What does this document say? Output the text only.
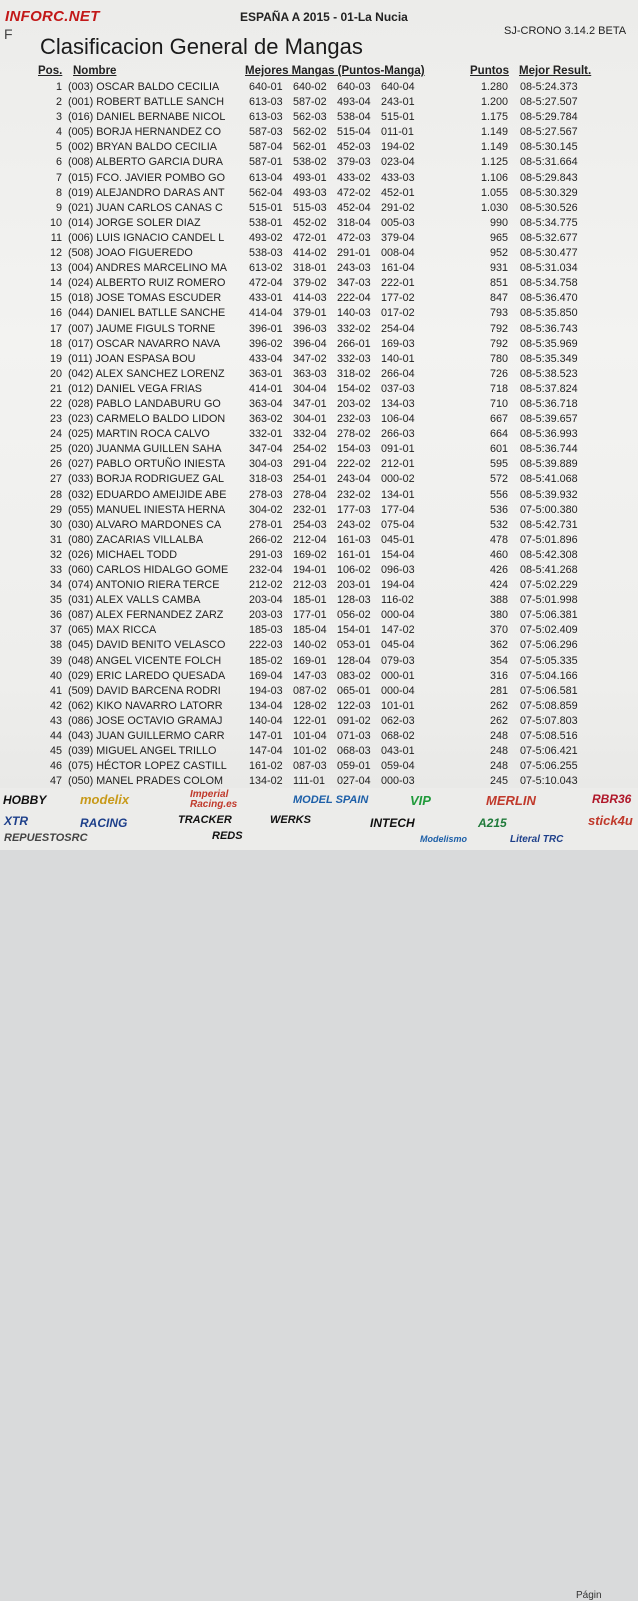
INFORC.NET
F
ESPAÑA A 2015 - 01-La Nucia
SJ-CRONO 3.14.2 BETA
Clasificacion General de Mangas
Pos. Nombre	Mejores Mangas (Puntos-Manga)	Puntos Mejor Result.
1 (003) OSCAR BALDO CECILIA	640-01 640-02 640-03 640-04	1.280 08-5:24.373
2 (001) ROBERT BATLLE SANCH 613-03 587-02 493-04 243-01	1.200 08-5:27.507
3 (016) DANIEL BERNABE NICOL 613-03 562-03 538-04 515-01	1.175 08-5:29.784
4 (005) BORJA HERNANDEZ CO	587-03 562-02 515-04 011-01	1.149 08-5:27.567
5 (002) BRYAN BALDO CECILIA	587-04 562-01 452-03 194-02	1.149 08-5:30.145
6 (008) ALBERTO GARCIA DURA 587-01 538-02 379-03 023-04	1.125 08-5:31.664
7 (015) FCO. JAVIER POMBO GO 613-04 493-01 433-02 433-03	1.106 08-5:29.843
8 (019) ALEJANDRO DARAS ANT 562-04 493-03 472-02 452-01	1.055 08-5:30.329
9 (021) JUAN CARLOS CANAS C 515-01 515-03 452-04 291-02	1.030 08-5:30.526
10 (014) JORGE SOLER DIAZ	538-01 452-02 318-04 005-03	990 08-5:34.775
11 (006) LUIS IGNACIO CANDEL L 493-02 472-01 472-03 379-04	965 08-5:32.677
12 (508) JOAO FIGUEREDO	538-03 414-02 291-01 008-04	952 08-5:30.477
13 (004) ANDRES MARCELINO MA 613-02 318-01 243-03 161-04	931 08-5:31.034
14 (024) ALBERTO RUIZ ROMERO 472-04 379-02 347-03 222-01	851 08-5:34.758
15 (018) JOSE TOMAS ESCUDER	433-01 414-03 222-04 177-02	847 08-5:36.470
16 (044) DANIEL BATLLE SANCHE 414-04 379-01 140-03 017-02	793 08-5:35.850
17 (007) JAUME FIGULS TORNE	396-01 396-03 332-02 254-04	792 08-5:36.743
18 (017) OSCAR NAVARRO NAVA	396-02 396-04 266-01 169-03	792 08-5:35.969
19 (011) JOAN ESPASA BOU	433-04 347-02 332-03 140-01	780 08-5:35.349
20 (042) ALEX SANCHEZ LORENZ 363-01 363-03 318-02 266-04	726 08-5:38.523
21 (012) DANIEL VEGA FRIAS	414-01 304-04 154-02 037-03	718 08-5:37.824
22 (028) PABLO LANDABURU GO	363-04 347-01 203-02 134-03	710 08-5:36.718
23 (023) CARMELO BALDO LIDON 363-02 304-01 232-03 106-04	667 08-5:39.657
24 (025) MARTIN ROCA CALVO	332-01 332-04 278-02 266-03	664 08-5:36.993
25 (020) JUANMA GUILLEN SAHA	347-04 254-02 154-03 091-01	601 08-5:36.744
26 (027) PABLO ORTUÑO INIESTA 304-03 291-04 222-02 212-01	595 08-5:39.889
27 (033) BORJA RODRIGUEZ GAL 318-03 254-01 243-04 000-02	572 08-5:41.068
28 (032) EDUARDO AMEIJIDE ABE 278-03 278-04 232-02 134-01	556 08-5:39.932
29 (055) MANUEL INIESTA HERNA 304-02 232-01 177-03 177-04	536 07-5:00.380
30 (030) ALVARO MARDONES CA	278-01 254-03 243-02 075-04	532 08-5:42.731
31 (080) ZACARIAS VILLALBA	266-02 212-04 161-03 045-01	478 07-5:01.896
32 (026) MICHAEL TODD	291-03 169-02 161-01 154-04	460 08-5:42.308
33 (060) CARLOS HIDALGO GOME 232-04 194-01 106-02 096-03	426 08-5:41.268
34 (074) ANTONIO RIERA TERCE	212-02 212-03 203-01 194-04	424 07-5:02.229
35 (031) ALEX VALLS CAMBA	203-04 185-01 128-03 116-02	388 07-5:01.998
36 (087) ALEX FERNANDEZ ZARZ 203-03 177-01 056-02 000-04	380 07-5:06.381
37 (065) MAX RICCA	185-03 185-04 154-01 147-02	370 07-5:02.409
38 (045) DAVID BENITO VELASCO 222-03 140-02 053-01 045-04	362 07-5:06.296
39 (048) ANGEL VICENTE FOLCH	185-02 169-01 128-04 079-03	354 07-5:05.335
40 (029) ERIC LAREDO QUESADA 169-04 147-03 083-02 000-01	316 07-5:04.166
41 (509) DAVID BARCENA RODRI	194-03 087-02 065-01 000-04	281 07-5:06.581
42 (062) KIKO NAVARRO LATORR 134-04 128-02 122-03 101-01	262 07-5:08.859
43 (086) JOSE OCTAVIO GRAMAJ 140-04 122-01 091-02 062-03	262 07-5:07.803
44 (043) JUAN GUILLERMO CARR 147-01 101-04 071-03 068-02	248 07-5:08.516
45 (039) MIGUEL ANGEL TRILLO	147-04 101-02 068-03 043-01	248 07-5:06.421
46 (075) HÉCTOR LOPEZ CASTILL 161-02 087-03 059-01 059-04	248 07-5:06.255
47 (050) MANEL PRADES COLOM 134-02 111-01 027-04 000-03	245 07-5:10.043
Págin
HOBBY	modelix	Imperial Racing.es	MODEL SPAIN	VIP	MERLIN	RBR36
XTR
REPUESTOSRC
RACING	TRACKER	WERKS	INTECH	A215	stick4u
Literal TRC
REDS	Modelismo
